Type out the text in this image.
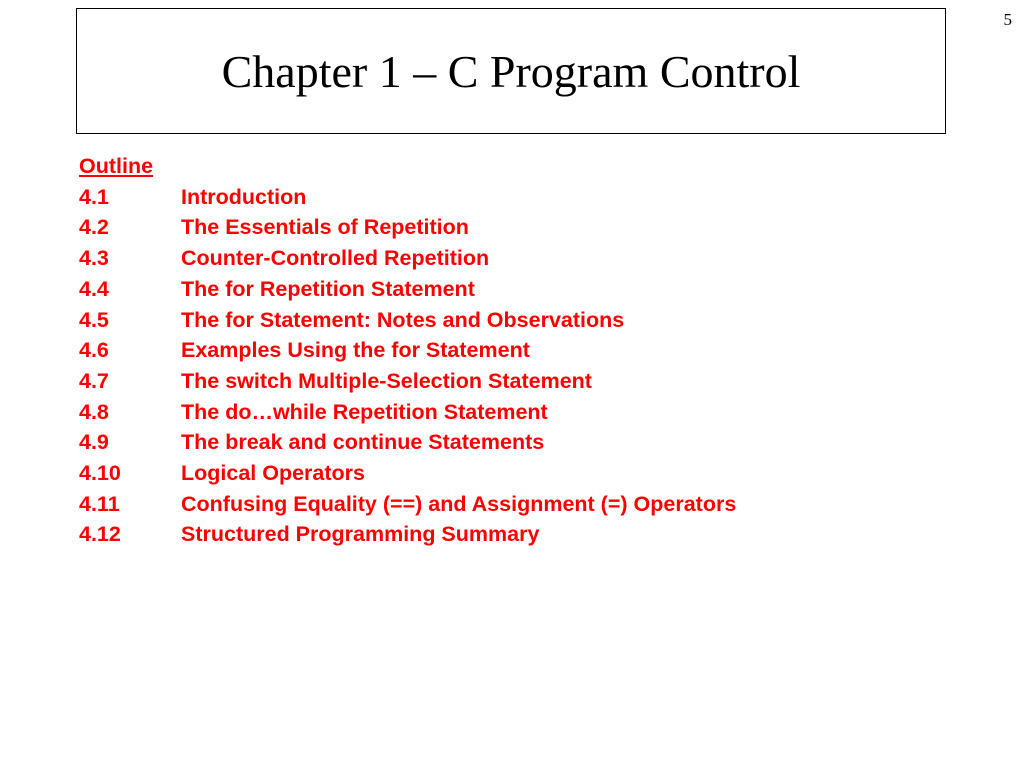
5
Chapter 1 – C Program Control
Outline
4.1	Introduction
4.2	The Essentials of Repetition
4.3	Counter-Controlled Repetition
4.4	The for Repetition Statement
4.5	The for Statement: Notes and Observations
4.6	Examples Using the for Statement
4.7	The switch Multiple-Selection Statement
4.8	The do…while Repetition Statement
4.9	The break and continue Statements
4.10	Logical Operators
4.11	Confusing Equality (==) and Assignment (=) Operators
4.12	Structured Programming Summary
